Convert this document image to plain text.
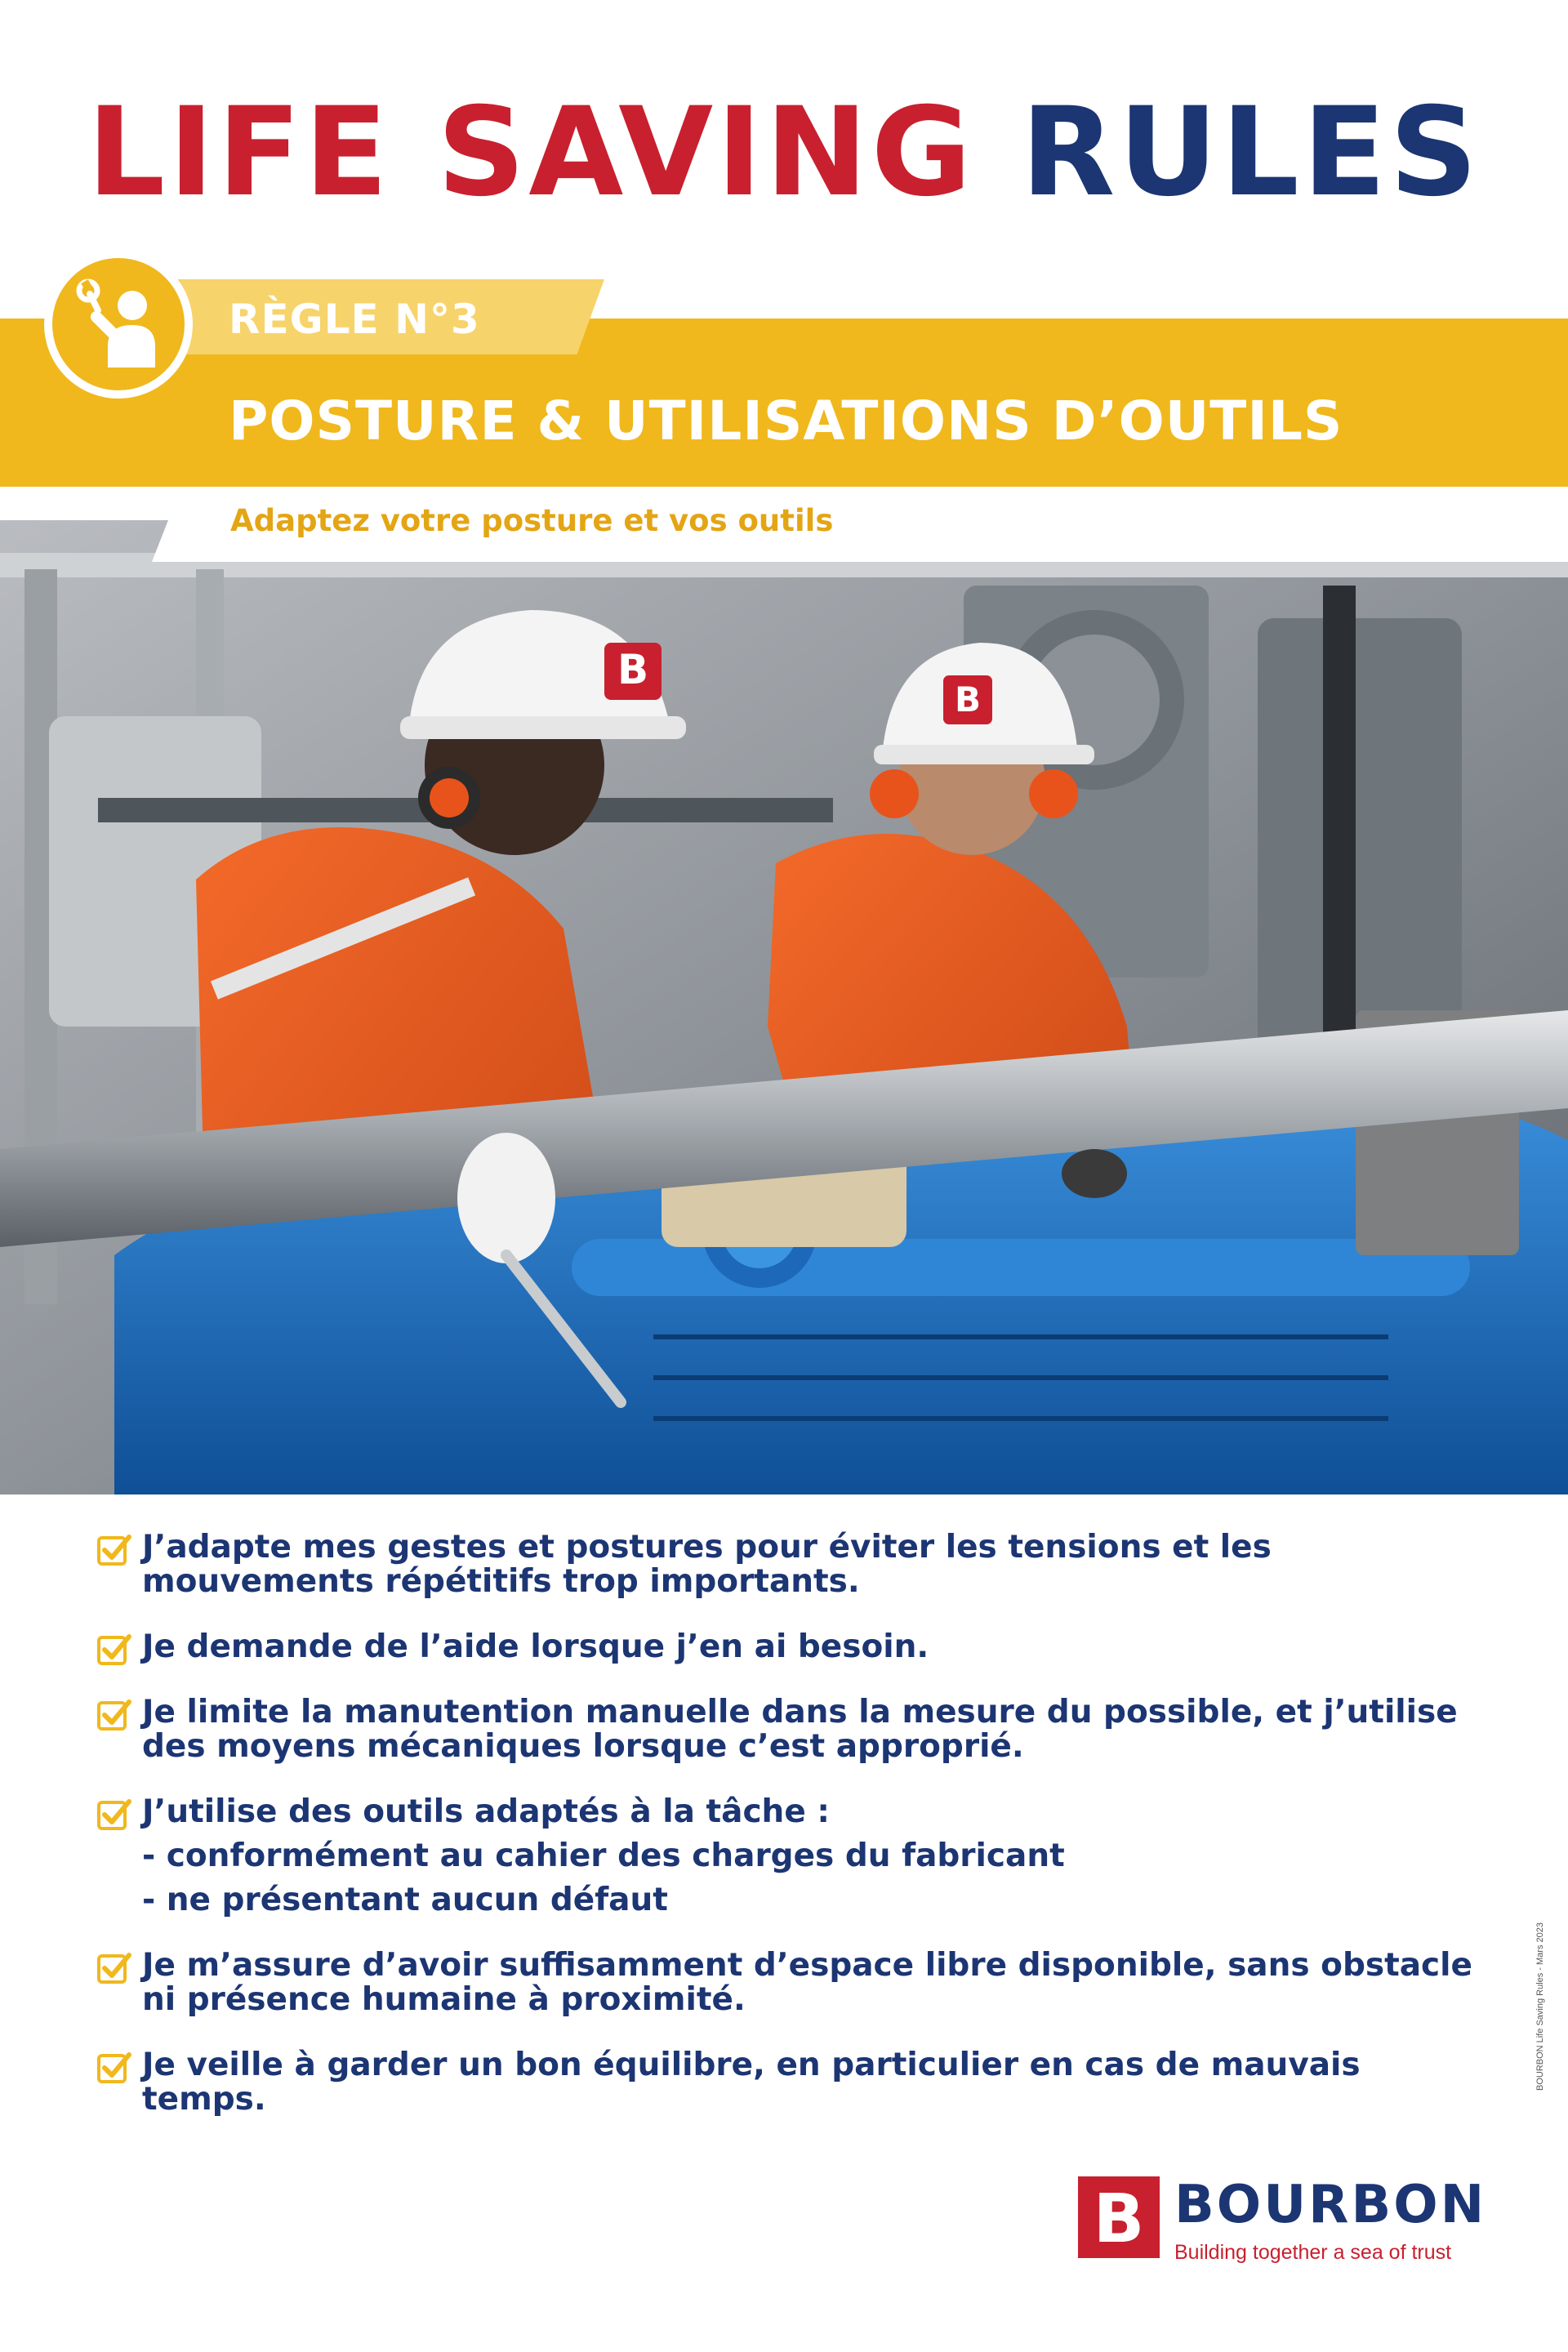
LIFE SAVING RULES
RÈGLE N°3
POSTURE & UTILISATIONS D’OUTILS
B
B
Adaptez votre posture et vos outils
J’adapte mes gestes et postures pour éviter les tensions et les mouvements répétitifs trop importants.
Je demande de l’aide lorsque j’en ai besoin.
Je limite la manutention manuelle dans la mesure du possible, et j’utilise des moyens mécaniques lorsque c’est approprié.
J’utilise des outils adaptés à la tâche :
- conformément au cahier des charges du fabricant
- ne présentant aucun défaut
Je m’assure d’avoir suffisamment d’espace libre disponible, sans obstacle ni présence humaine à proximité.
Je veille à garder un bon équilibre, en particulier en cas de mauvais temps.
BOURBON Life Saving Rules - Mars 2023
B BOURBON
Building together a sea of trust
